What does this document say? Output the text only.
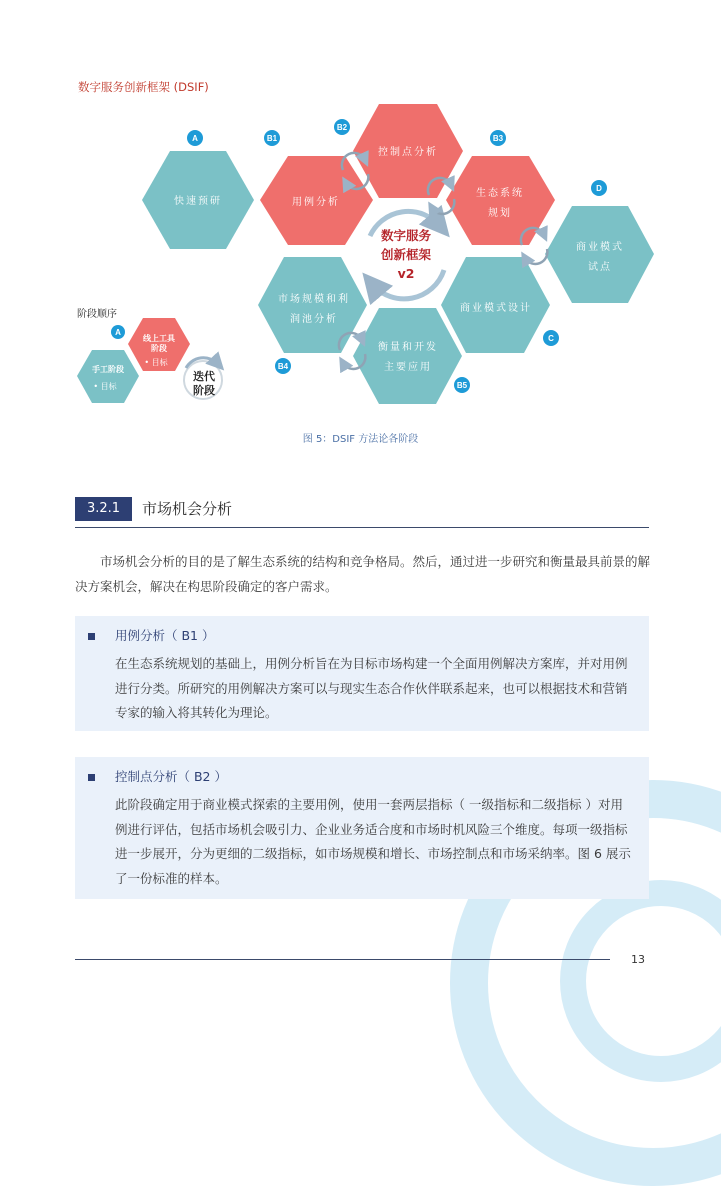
数字服务创新框架 (DSIF)
A	B1
B2
B3
D
B4
C
B5
快速预研	用例分析
控制点分析
生态系统
规划
商业模式
试点
市场规模和利
润池分析
商业模式设计
衡量和开发
主要应用
数字服务
创新框架
v2
阶段顺序
A
线上工具
阶段
• 目标
手工阶段
• 目标
迭代
阶段
图 5：DSIF 方法论各阶段
3.2.1	市场机会分析
市场机会分析的目的是了解生态系统的结构和竞争格局。然后，通过进一步研究和衡量最具前景的解决方案机会，解决在构思阶段确定的客户需求。
用例分析（ B1 ）
在生态系统规划的基础上，用例分析旨在为目标市场构建一个全面用例解决方案库，并对用例进行分类。所研究的用例解决方案可以与现实生态合作伙伴联系起来，也可以根据技术和营销专家的输入将其转化为理论。
控制点分析（ B2 ）
此阶段确定用于商业模式探索的主要用例，使用一套两层指标（ 一级指标和二级指标 ）对用例进行评估，包括市场机会吸引力、企业业务适合度和市场时机风险三个维度。每项一级指标进一步展开，分为更细的二级指标，如市场规模和增长、市场控制点和市场采纳率。图 6 展示了一份标准的样本。
13
